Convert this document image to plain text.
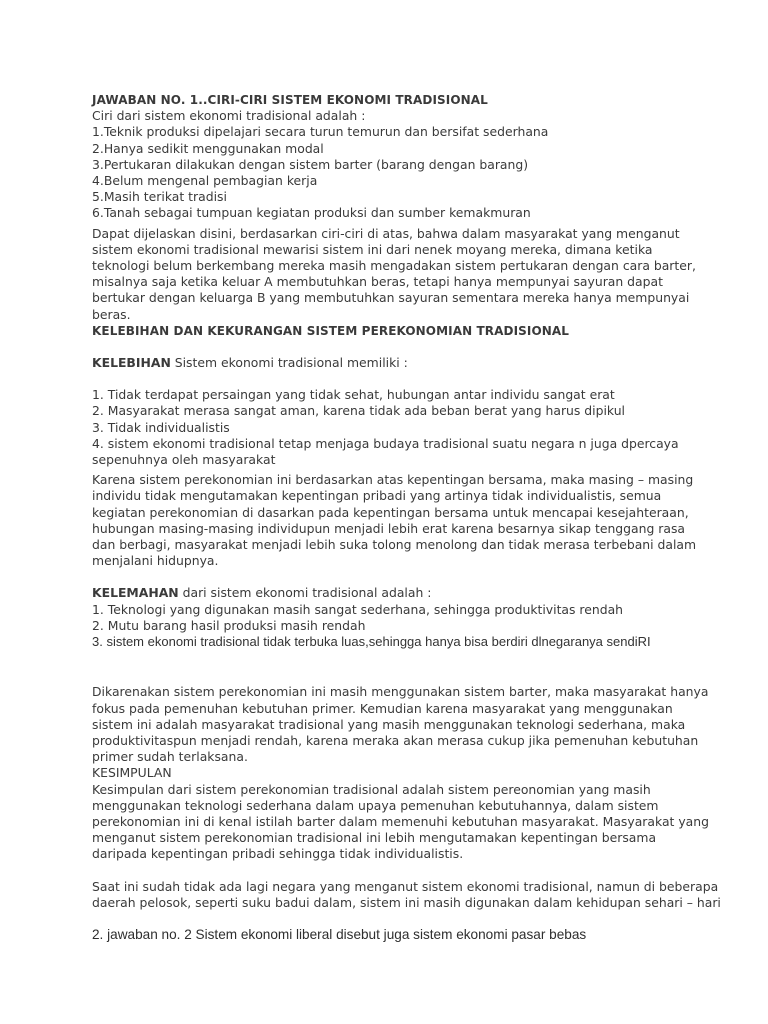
JAWABAN NO. 1..CIRI-CIRI SISTEM EKONOMI TRADISIONAL

Ciri dari sistem ekonomi tradisional adalah :

1.Teknik produksi dipelajari secara turun temurun dan bersifat sederhana

2.Hanya sedikit menggunakan modal

3.Pertukaran dilakukan dengan sistem barter (barang dengan barang)

4.Belum mengenal pembagian kerja

5.Masih terikat tradisi

6.Tanah sebagai tumpuan kegiatan produksi dan sumber kemakmuran

Dapat dijelaskan disini, berdasarkan ciri-ciri di atas, bahwa dalam masyarakat yang menganut

sistem ekonomi tradisional mewarisi sistem ini dari nenek moyang mereka, dimana ketika

teknologi belum berkembang mereka masih mengadakan sistem pertukaran dengan cara barter,

misalnya saja ketika keluar A membutuhkan beras, tetapi hanya mempunyai sayuran dapat

bertukar dengan keluarga B yang membutuhkan sayuran sementara mereka hanya mempunyai

beras.

KELEBIHAN DAN KEKURANGAN SISTEM PEREKONOMIAN TRADISIONAL

KELEBIHAN Sistem ekonomi tradisional memiliki :

1. Tidak terdapat persaingan yang tidak sehat, hubungan antar individu sangat erat

2. Masyarakat merasa sangat aman, karena tidak ada beban berat yang harus dipikul

3. Tidak individualistis

4. sistem ekonomi tradisional tetap menjaga budaya tradisional suatu negara n juga dpercaya

sepenuhnya oleh masyarakat

Karena sistem perekonomian ini berdasarkan atas kepentingan bersama, maka masing – masing

individu tidak mengutamakan kepentingan pribadi yang artinya tidak individualistis, semua

kegiatan perekonomian di dasarkan pada kepentingan bersama untuk mencapai kesejahteraan,

hubungan masing-masing individupun menjadi lebih erat karena besarnya sikap tenggang rasa

dan berbagi, masyarakat menjadi lebih suka tolong menolong dan tidak merasa terbebani dalam

menjalani hidupnya.

KELEMAHAN dari sistem ekonomi tradisional adalah :

1. Teknologi yang digunakan masih sangat sederhana, sehingga produktivitas rendah

2. Mutu barang hasil produksi masih rendah

3. sistem ekonomi tradisional tidak terbuka luas,sehingga hanya bisa berdiri dlnegaranya sendiRI

Dikarenakan sistem perekonomian ini masih menggunakan sistem barter, maka masyarakat hanya

fokus pada pemenuhan kebutuhan primer. Kemudian karena masyarakat yang menggunakan

sistem ini adalah masyarakat tradisional yang masih menggunakan teknologi sederhana, maka

produktivitaspun menjadi rendah, karena meraka akan merasa cukup jika pemenuhan kebutuhan

primer sudah terlaksana.

KESIMPULAN

Kesimpulan dari sistem perekonomian tradisional adalah sistem pereonomian yang masih

menggunakan teknologi sederhana dalam upaya pemenuhan kebutuhannya, dalam sistem

perekonomian ini di kenal istilah barter dalam memenuhi kebutuhan masyarakat. Masyarakat yang

menganut sistem perekonomian tradisional ini lebih mengutamakan kepentingan bersama

daripada kepentingan pribadi sehingga tidak individualistis.

Saat ini sudah tidak ada lagi negara yang menganut sistem ekonomi tradisional, namun di beberapa

daerah pelosok, seperti suku badui dalam, sistem ini masih digunakan dalam kehidupan sehari – hari

2. jawaban no. 2 Sistem ekonomi liberal disebut juga sistem ekonomi pasar bebas
